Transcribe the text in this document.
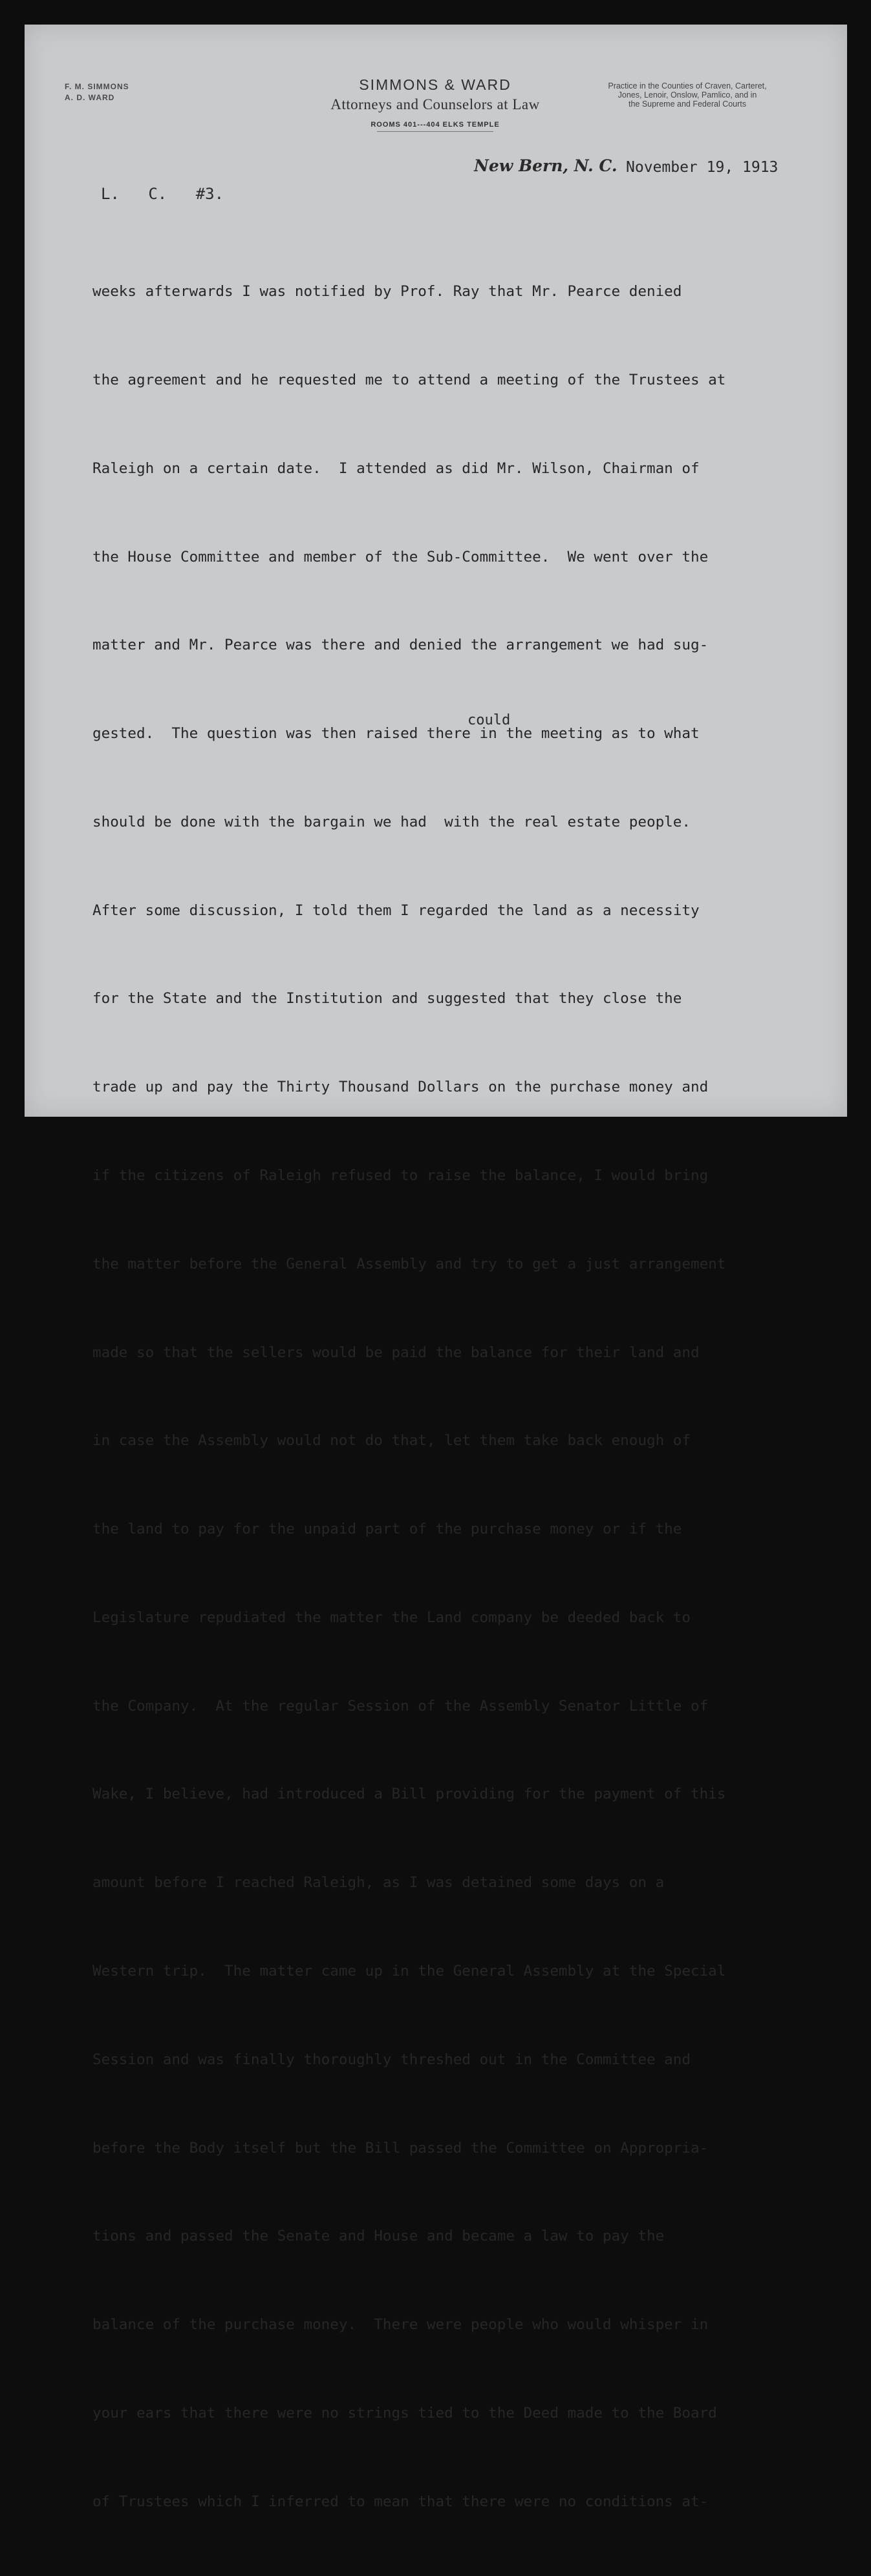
F. M. SIMMONS
A. D. WARD
SIMMONS & WARD
Attorneys and Counselors at Law
ROOMS 401---404 ELKS TEMPLE
Practice in the Counties of Craven, Carteret,
Jones, Lenoir, Onslow, Pamlico, and in
the Supreme and Federal Courts
New Bern, N. C. November 19, 1913
L. C. #3.
could

weeks afterwards I was notified by Prof. Ray that Mr. Pearce denied

the agreement and he requested me to attend a meeting of the Trustees at

Raleigh on a certain date.  I attended as did Mr. Wilson, Chairman of

the House Committee and member of the Sub-Committee.  We went over the

matter and Mr. Pearce was there and denied the arrangement we had sug-

gested.  The question was then raised there in the meeting as to what

should be done with the bargain we had  with the real estate people.

After some discussion, I told them I regarded the land as a necessity

for the State and the Institution and suggested that they close the

trade up and pay the Thirty Thousand Dollars on the purchase money and

if the citizens of Raleigh refused to raise the balance, I would bring

the matter before the General Assembly and try to get a just arrangement

made so that the sellers would be paid the balance for their land and

in case the Assembly would not do that, let them take back enough of

the land to pay for the unpaid part of the purchase money or if the

Legislature repudiated the matter the Land company be deeded back to

the Company.  At the regular Session of the Assembly Senator Little of

Wake, I believe, had introduced a Bill providing for the payment of this

amount before I reached Raleigh, as I was detained some days on a

Western trip.  The matter came up in the General Assembly at the Special

Session and was finally thoroughly threshed out in the Committee and

before the Body itself but the Bill passed the Committee on Appropria-

tions and passed the Senate and House and became a law to pay the

balance of the purchase money.  There were people who would whisper in

your ears that there were no strings tied to the Deed made to the Board

of Trustees which I inferred to mean that there were no conditions at-
